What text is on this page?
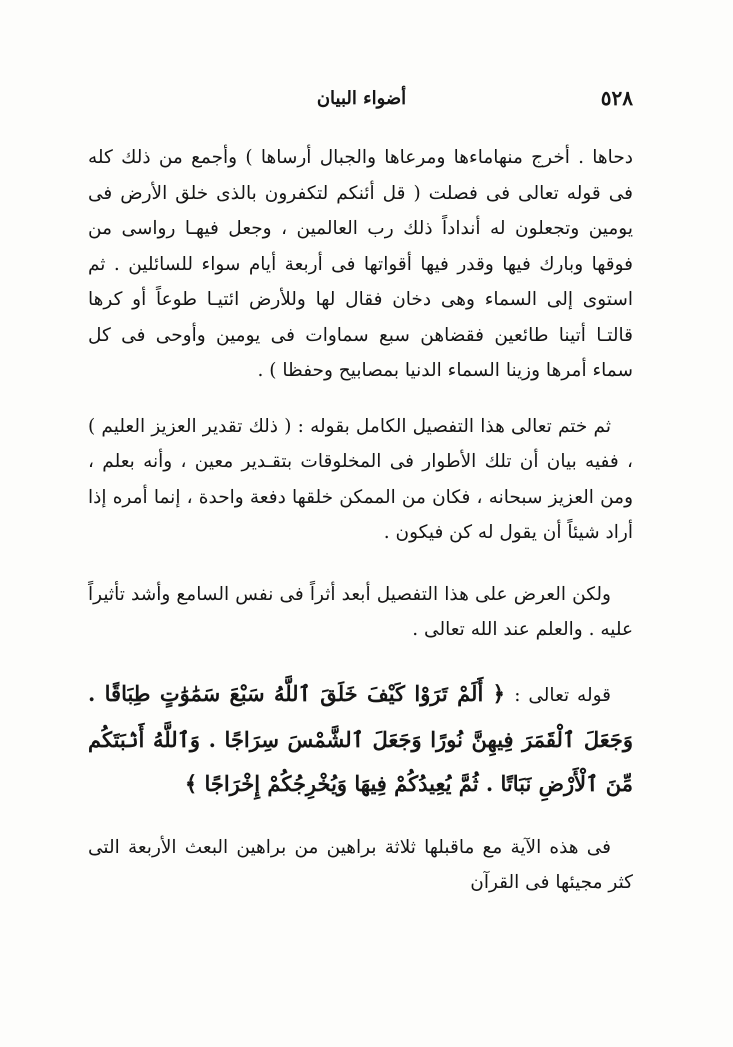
٥٢٨
أضواء البيان

دحاها . أخرج منهاماءها ومرعاها والجبال أرساها ) وأجمع من ذلك كله فى قوله تعالى فى فصلت ( قل أئنكم لتكفرون بالذى خلق الأرض فى يومين وتجعلون له أنداداً ذلك رب العالمين ، وجعل فيهـا رواسى من فوقها وبارك فيها وقدر فيها أقواتها فى أربعة أيام سواء للسائلين . ثم استوى إلى السماء وهى دخان فقال لها وللأرض ائتيـا طوعاً أو كرها قالتـا أتينا طائعين فقضاهن سبع سماوات فى يومين وأوحى فى كل سماء أمرها وزينا السماء الدنيا بمصابيح وحفظا ) .

ثم ختم تعالى هذا التفصيل الكامل بقوله : ( ذلك تقدير العزيز العليم ) ، ففيه بيان أن تلك الأطوار فى المخلوقات بتقـدير معين ، وأنه بعلم ، ومن العزيز سبحانه ، فكان من الممكن خلقها دفعة واحدة ، إنما أمره إذا أراد شيئاً أن يقول له كن فيكون .

ولكن العرض على هذا التفصيل أبعد أثراً فى نفس السامع وأشد تأثيراً عليه . والعلم عند الله تعالى .

قوله تعالى : ﴿ أَلَمْ تَرَوْا كَيْفَ خَلَقَ ٱللَّهُ سَبْعَ سَمَٰوَٰتٍ طِبَاقًا . وَجَعَلَ ٱلْقَمَرَ فِيهِنَّ نُورًا وَجَعَلَ ٱلشَّمْسَ سِرَاجًا . وَٱللَّهُ أَنۢبَتَكُم مِّنَ ٱلْأَرْضِ نَبَاتًا . ثُمَّ يُعِيدُكُمْ فِيهَا وَيُخْرِجُكُمْ إِخْرَاجًا ﴾

فى هذه الآية مع ماقبلها ثلاثة براهين من براهين البعث الأربعة التى كثر مجيئها فى القرآن
